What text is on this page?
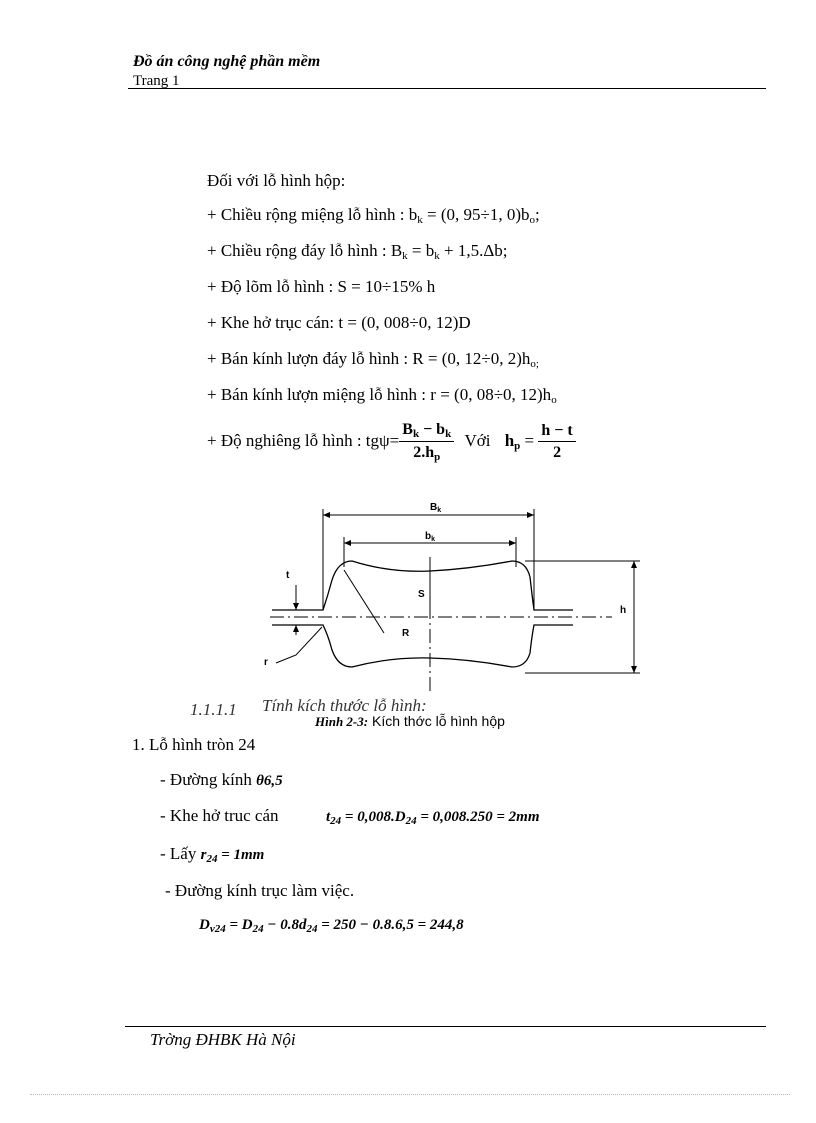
Đồ án công nghệ phần mềm
Trang 1
Đối với lỗ hình hộp:
+ Chiều rộng miệng lỗ hình : $b_k = (0$, 95÷1, $0)b_o$;
+ Chiều rộng đáy lỗ hình : $B_k = b_k + 1,5.\Delta b$;
+ Độ lõm lỗ hình : S = 10÷15% h
+ Khe hở trục cán: t = (0, 008÷0, 12)D
+ Bán kính lượn đáy lỗ hình : R = (0, 12÷0, $2)h_{o;}$
+ Bán kính lượn miệng lỗ hình : r = (0, 08÷0, $12)h_o$
+ Độ nghiêng lỗ hình : $tg\psi= \frac{B_k - b_k}{2.h_p}$ Với $h_p = \frac{h - t}{2}$
$B_k$
$b_k$
S
h
t
R
r
1.1.1.1 Tính kích thước lỗ hình:
Hình 2-3: Kích thớc lỗ hình hộp
1. Lỗ hình tròn 24
- Đường kính θ6,5
- Khe hở truc cán	$t_{24} = 0,008.D_{24} = 0,008.250 = 2mm$
- Lấy $r_{24} = 1mm$
- Đường kính trục làm việc.
$D_{v24} = D_{24} - 0.8d_{24} = 250 - 0.8.6,5 = 244,8$
Trờng ĐHBK Hà Nội
